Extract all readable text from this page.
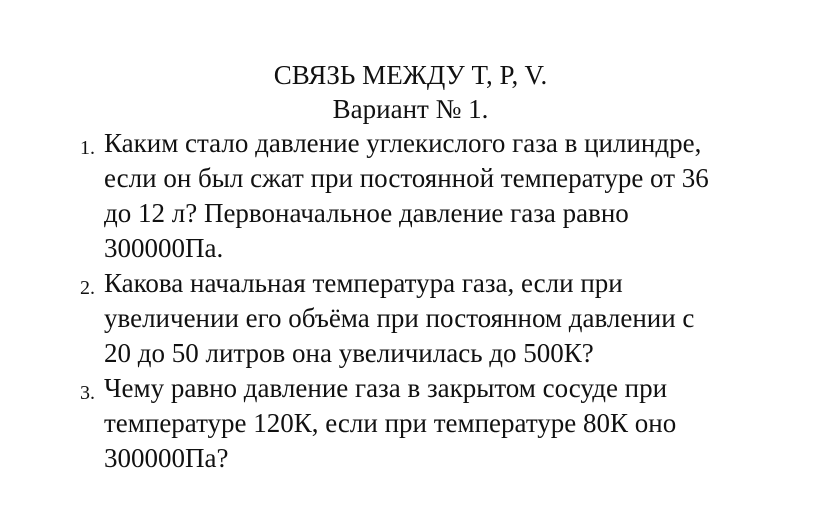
СВЯЗЬ МЕЖДУ T, P, V.
Вариант № 1.
1. Каким стало давление углекислого газа в цилиндре,
если он был сжат при постоянной температуре от 36
до 12 л? Первоначальное давление газа равно
300000Па.

2. Какова начальная температура газа, если при
увеличении его объёма при постоянном давлении с
20 до 50 литров она увеличилась до 500К?

3. Чему равно давление газа в закрытом сосуде при
температуре 120К, если при температуре 80К оно
300000Па?
